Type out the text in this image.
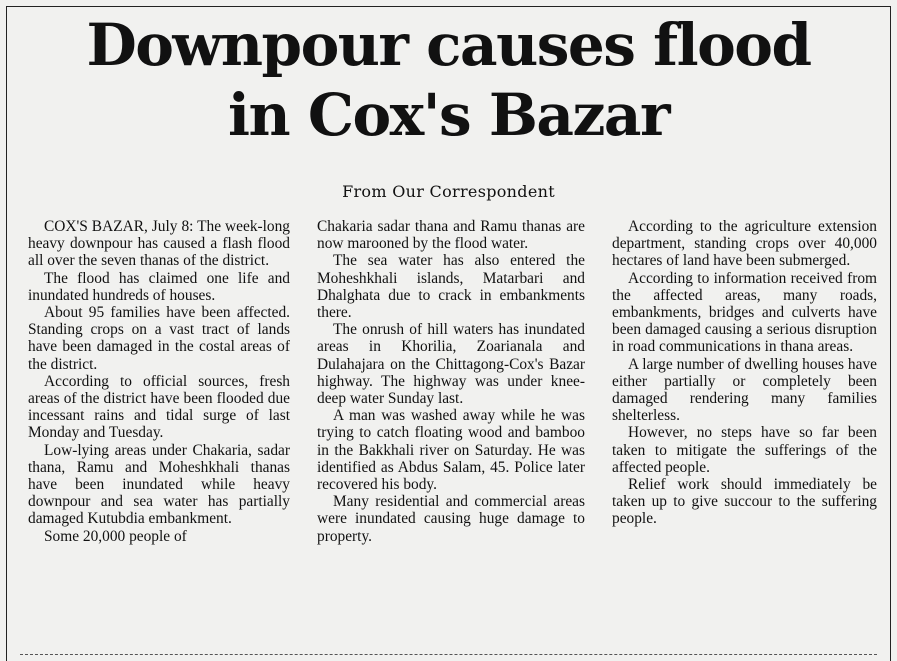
Downpour causes flood
in Cox's Bazar
From Our Correspondent

COX'S BAZAR, July 8: The week-long heavy downpour has caused a flash flood all over the seven thanas of the district.

The flood has claimed one life and inundated hundreds of houses.

About 95 families have been affected. Standing crops on a vast tract of lands have been damaged in the costal areas of the district.

According to official sources, fresh areas of the district have been flooded due incessant rains and tidal surge of last Monday and Tuesday.

Low-lying areas under Chakaria, sadar thana, Ramu and Moheshkhali thanas have been inundated while heavy downpour and sea water has partially damaged Kutubdia embankment.

Some 20,000 people of

Chakaria sadar thana and Ramu thanas are now marooned by the flood water.

The sea water has also entered the Moheshkhali islands, Matarbari and Dhalghata due to crack in embankments there.

The onrush of hill waters has inundated areas in Khorilia, Zoarianala and Dulahajara on the Chittagong-Cox's Bazar highway. The highway was under knee-deep water Sunday last.

A man was washed away while he was trying to catch floating wood and bamboo in the Bakkhali river on Saturday. He was identified as Abdus Salam, 45. Police later recovered his body.

Many residential and commercial areas were inundated causing huge damage to property.

According to the agriculture extension department, standing crops over 40,000 hectares of land have been submerged.

According to information received from the affected areas, many roads, embankments, bridges and culverts have been damaged causing a serious disruption in road communications in thana areas.

A large number of dwelling houses have either partially or completely been damaged rendering many families shelterless.

However, no steps have so far been taken to mitigate the sufferings of the affected people.

Relief work should immediately be taken up to give succour to the suffering people.
